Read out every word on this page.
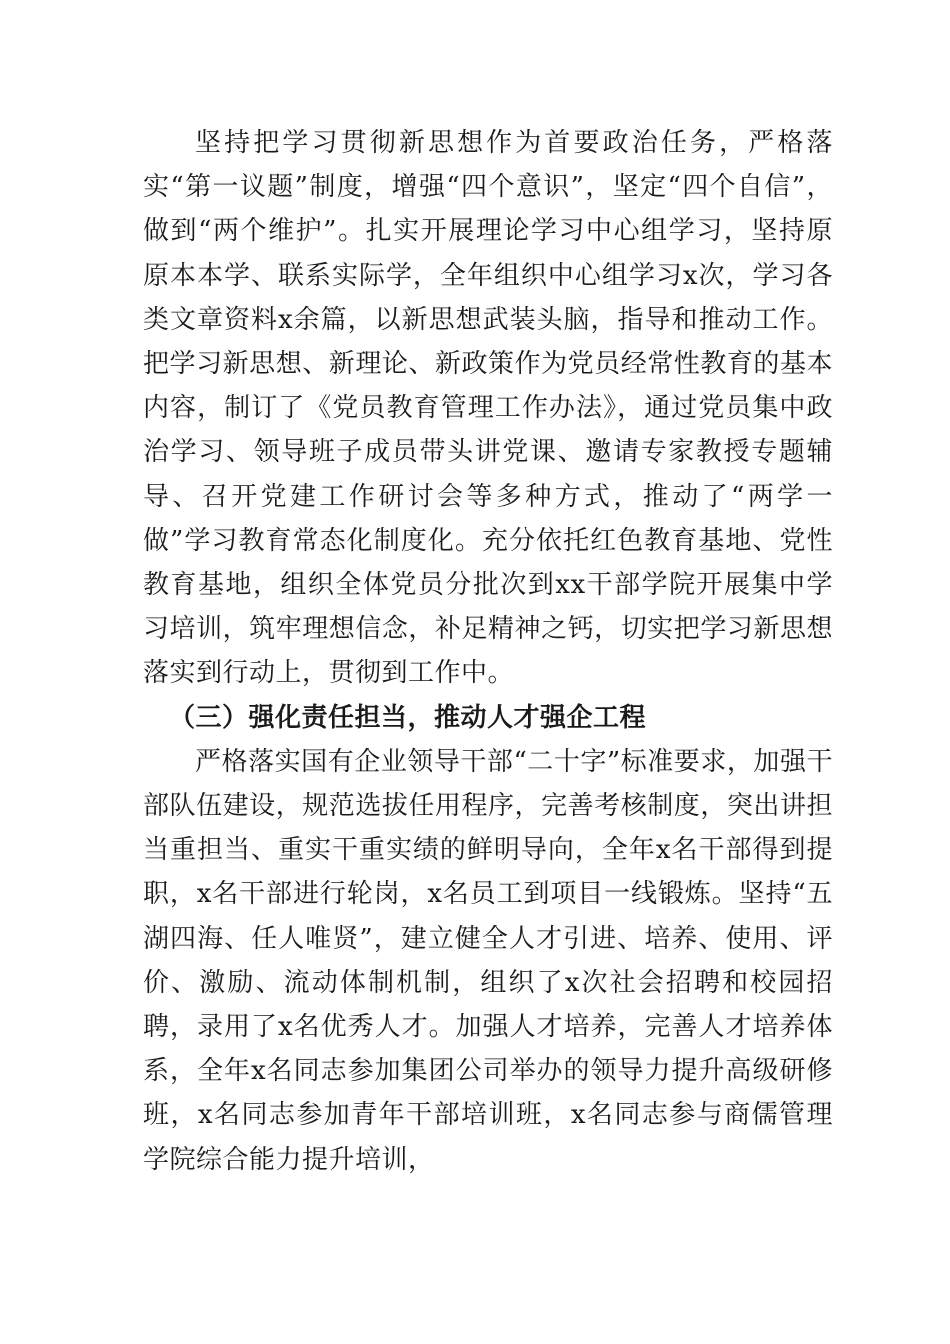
坚持把学习贯彻新思想作为首要政治任务，严格落实“第一议题”制度，增强“四个意识”，坚定“四个自信”，做到“两个维护”。扎实开展理论学习中心组学习，坚持原原本本学、联系实际学，全年组织中心组学习x次，学习各类文章资料x余篇，以新思想武装头脑，指导和推动工作。把学习新思想、新理论、新政策作为党员经常性教育的基本内容，制订了《党员教育管理工作办法》，通过党员集中政治学习、领导班子成员带头讲党课、邀请专家教授专题辅导、召开党建工作研讨会等多种方式，推动了“两学一做”学习教育常态化制度化。充分依托红色教育基地、党性教育基地，组织全体党员分批次到xx干部学院开展集中学习培训，筑牢理想信念，补足精神之钙，切实把学习新思想落实到行动上，贯彻到工作中。

（三）强化责任担当，推动人才强企工程

严格落实国有企业领导干部“二十字”标准要求，加强干部队伍建设，规范选拔任用程序，完善考核制度，突出讲担当重担当、重实干重实绩的鲜明导向，全年x名干部得到提职，x名干部进行轮岗，x名员工到项目一线锻炼。坚持“五湖四海、任人唯贤”，建立健全人才引进、培养、使用、评价、激励、流动体制机制，组织了x次社会招聘和校园招聘，录用了x名优秀人才。加强人才培养，完善人才培养体系，全年x名同志参加集团公司举办的领导力提升高级研修班，x名同志参加青年干部培训班，x名同志参与商儒管理学院综合能力提升培训，
